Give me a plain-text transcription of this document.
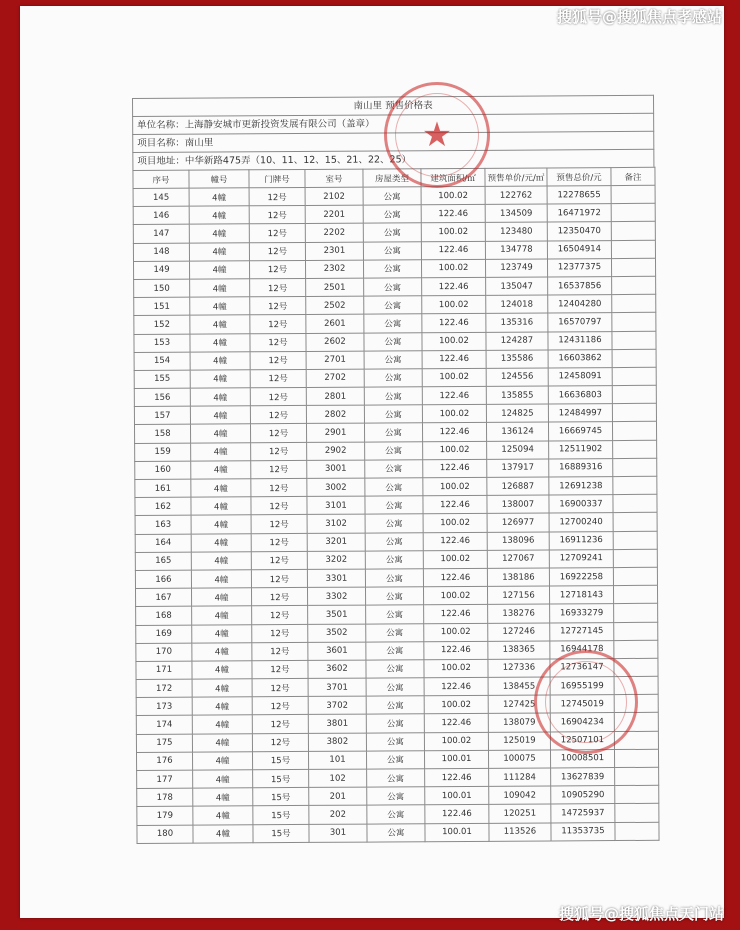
南山里 预售价格表
单位名称：上海静安城市更新投资发展有限公司（盖章）
项目名称：南山里
项目地址：中华新路475弄（10、11、12、15、21、22、25）
序号	幢号	门牌号	室号	房屋类型	建筑面积/㎡	预售单价/元/㎡	预售总价/元	备注
145	4幢	12号	2102	公寓	100.02	122762	12278655	
146	4幢	12号	2201	公寓	122.46	134509	16471972	
147	4幢	12号	2202	公寓	100.02	123480	12350470	
148	4幢	12号	2301	公寓	122.46	134778	16504914	
149	4幢	12号	2302	公寓	100.02	123749	12377375	
150	4幢	12号	2501	公寓	122.46	135047	16537856	
151	4幢	12号	2502	公寓	100.02	124018	12404280	
152	4幢	12号	2601	公寓	122.46	135316	16570797	
153	4幢	12号	2602	公寓	100.02	124287	12431186	
154	4幢	12号	2701	公寓	122.46	135586	16603862	
155	4幢	12号	2702	公寓	100.02	124556	12458091	
156	4幢	12号	2801	公寓	122.46	135855	16636803	
157	4幢	12号	2802	公寓	100.02	124825	12484997	
158	4幢	12号	2901	公寓	122.46	136124	16669745	
159	4幢	12号	2902	公寓	100.02	125094	12511902	
160	4幢	12号	3001	公寓	122.46	137917	16889316	
161	4幢	12号	3002	公寓	100.02	126887	12691238	
162	4幢	12号	3101	公寓	122.46	138007	16900337	
163	4幢	12号	3102	公寓	100.02	126977	12700240	
164	4幢	12号	3201	公寓	122.46	138096	16911236	
165	4幢	12号	3202	公寓	100.02	127067	12709241	
166	4幢	12号	3301	公寓	122.46	138186	16922258	
167	4幢	12号	3302	公寓	100.02	127156	12718143	
168	4幢	12号	3501	公寓	122.46	138276	16933279	
169	4幢	12号	3502	公寓	100.02	127246	12727145	
170	4幢	12号	3601	公寓	122.46	138365	16944178	
171	4幢	12号	3602	公寓	100.02	127336	12736147	
172	4幢	12号	3701	公寓	122.46	138455	16955199	
173	4幢	12号	3702	公寓	100.02	127425	12745019	
174	4幢	12号	3801	公寓	122.46	138079	16904234	
175	4幢	12号	3802	公寓	100.02	125019	12507101	
176	4幢	15号	101	公寓	100.01	100075	10008501	
177	4幢	15号	102	公寓	122.46	111284	13627839	
178	4幢	15号	201	公寓	100.01	109042	10905290	
179	4幢	15号	202	公寓	122.46	120251	14725937	
180	4幢	15号	301	公寓	100.01	113526	11353735	
★
搜狐号@搜狐焦点孝感站
搜狐号@搜狐焦点天门站
